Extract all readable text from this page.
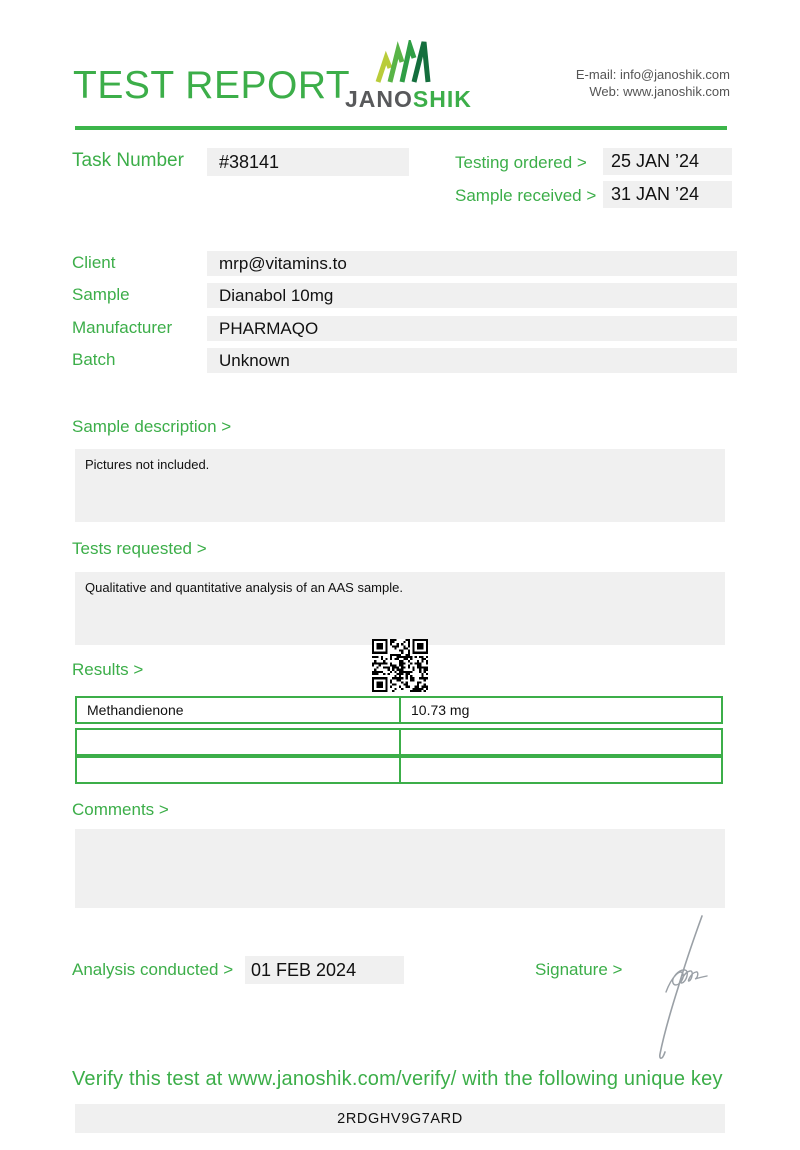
TEST REPORT
JANOSHIK
E-mail: info@janoshik.com
Web: www.janoshik.com
Task Number	#38141	Testing ordered >	25 JAN ’24
Sample received > 31 JAN ’24
Client	mrp@vitamins.to
Sample	Dianabol 10mg
Manufacturer	PHARMAQO
Batch	Unknown
Sample description >
Pictures not included.
Tests requested >
Qualitative and quantitative analysis of an AAS sample.
Results >
Methandienone	10.73 mg
Comments >
Analysis conducted > 01 FEB 2024	Signature >
Verify this test at www.janoshik.com/verify/ with the following unique key
2RDGHV9G7ARD
